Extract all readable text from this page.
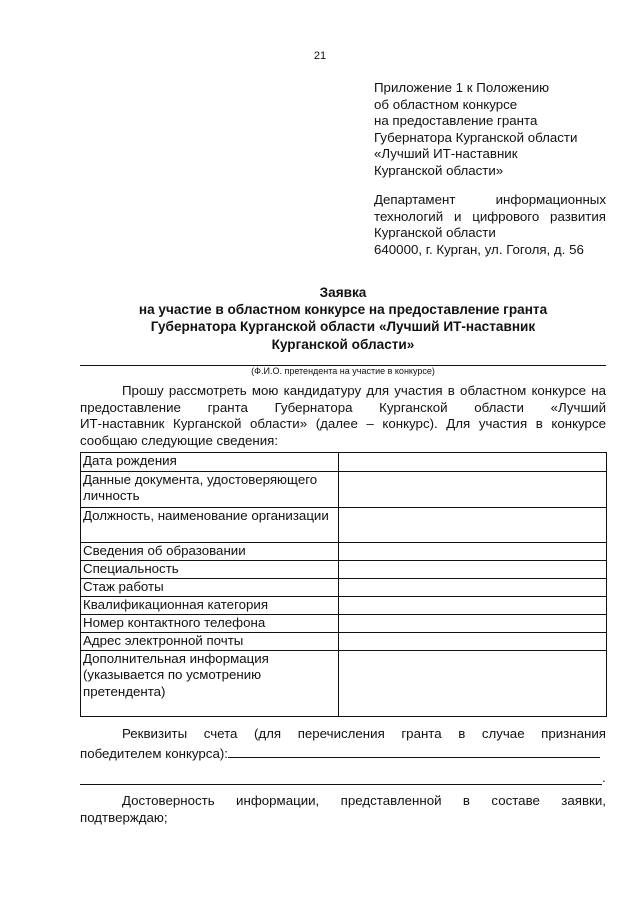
21
Приложение 1 к Положению
об областном конкурсе
на предоставление гранта
Губернатора Курганской области
«Лучший ИТ-наставник
Курганской области»
Департамент информационных
технологий и цифрового развития
Курганской области
640000, г. Курган, ул. Гоголя, д. 56
Заявка
на участие в областном конкурсе на предоставление гранта
Губернатора Курганской области «Лучший ИТ-наставник
Курганской области»
(Ф.И.О. претендента на участие в конкурсе)
Прошу рассмотреть мою кандидатуру для участия в областном конкурсе на
предоставление гранта Губернатора Курганской области «Лучший
ИТ-наставник Курганской области» (далее – конкурс). Для участия в конкурсе
сообщаю следующие сведения:
Дата рождения	
Данные документа, удостоверяющего личность	
Должность, наименование организации	
Сведения об образовании	
Специальность	
Стаж работы	
Квалификационная категория	
Номер контактного телефона	
Адрес электронной почты	
Дополнительная информация (указывается по усмотрению претендента)	
Реквизиты счета (для перечисления гранта в случае признания
победителем конкурса):
.
Достоверность информации, представленной в составе заявки,
подтверждаю;
